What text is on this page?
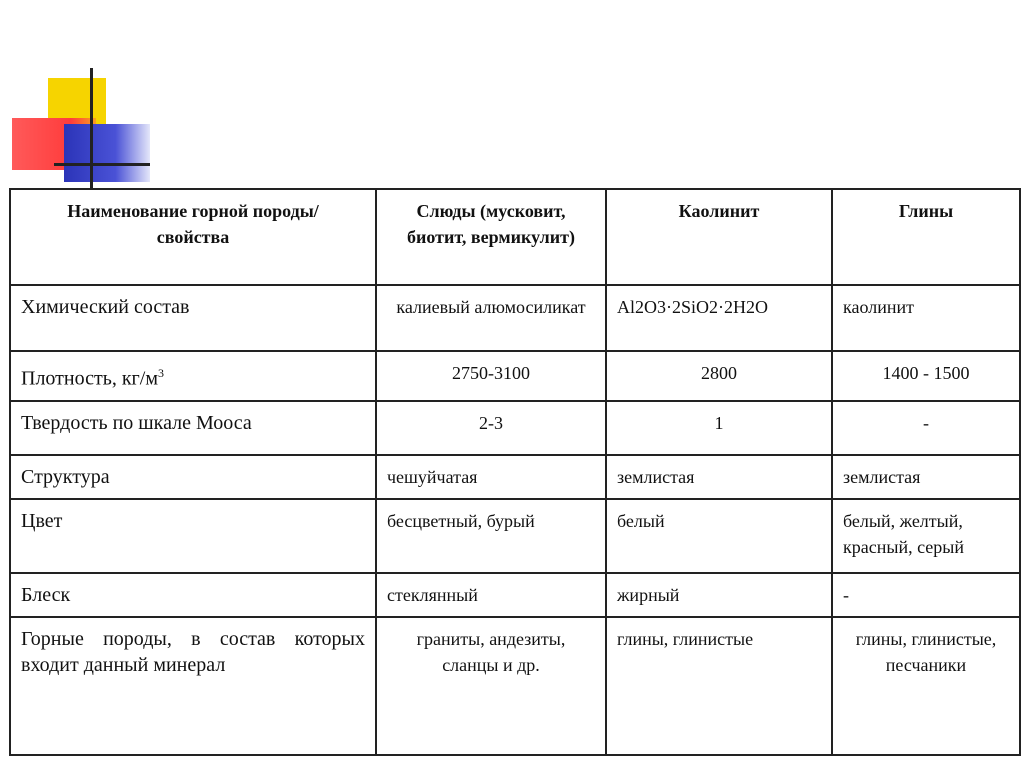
Наименование горной породы/свойства	Слюды (мусковит, биотит, вермикулит)	Каолинит	Глины
Химический состав	калиевый алюмосиликат	Al2O3·2SiO2·2H2O	каолинит
Плотность, $кг/м^3$	2750-3100	2800	1400 - 1500
Твердость по шкале Мооса	2-3	1	-
Структура	чешуйчатая	землистая	землистая
Цвет	бесцветный, бурый	белый	белый, желтый, красный, серый
Блеск	стеклянный	жирный	-
Горные породы, в состав которых входит данный минерал	граниты, андезиты, сланцы и др.	глины, глинистые	глины, глинистые, песчаники
